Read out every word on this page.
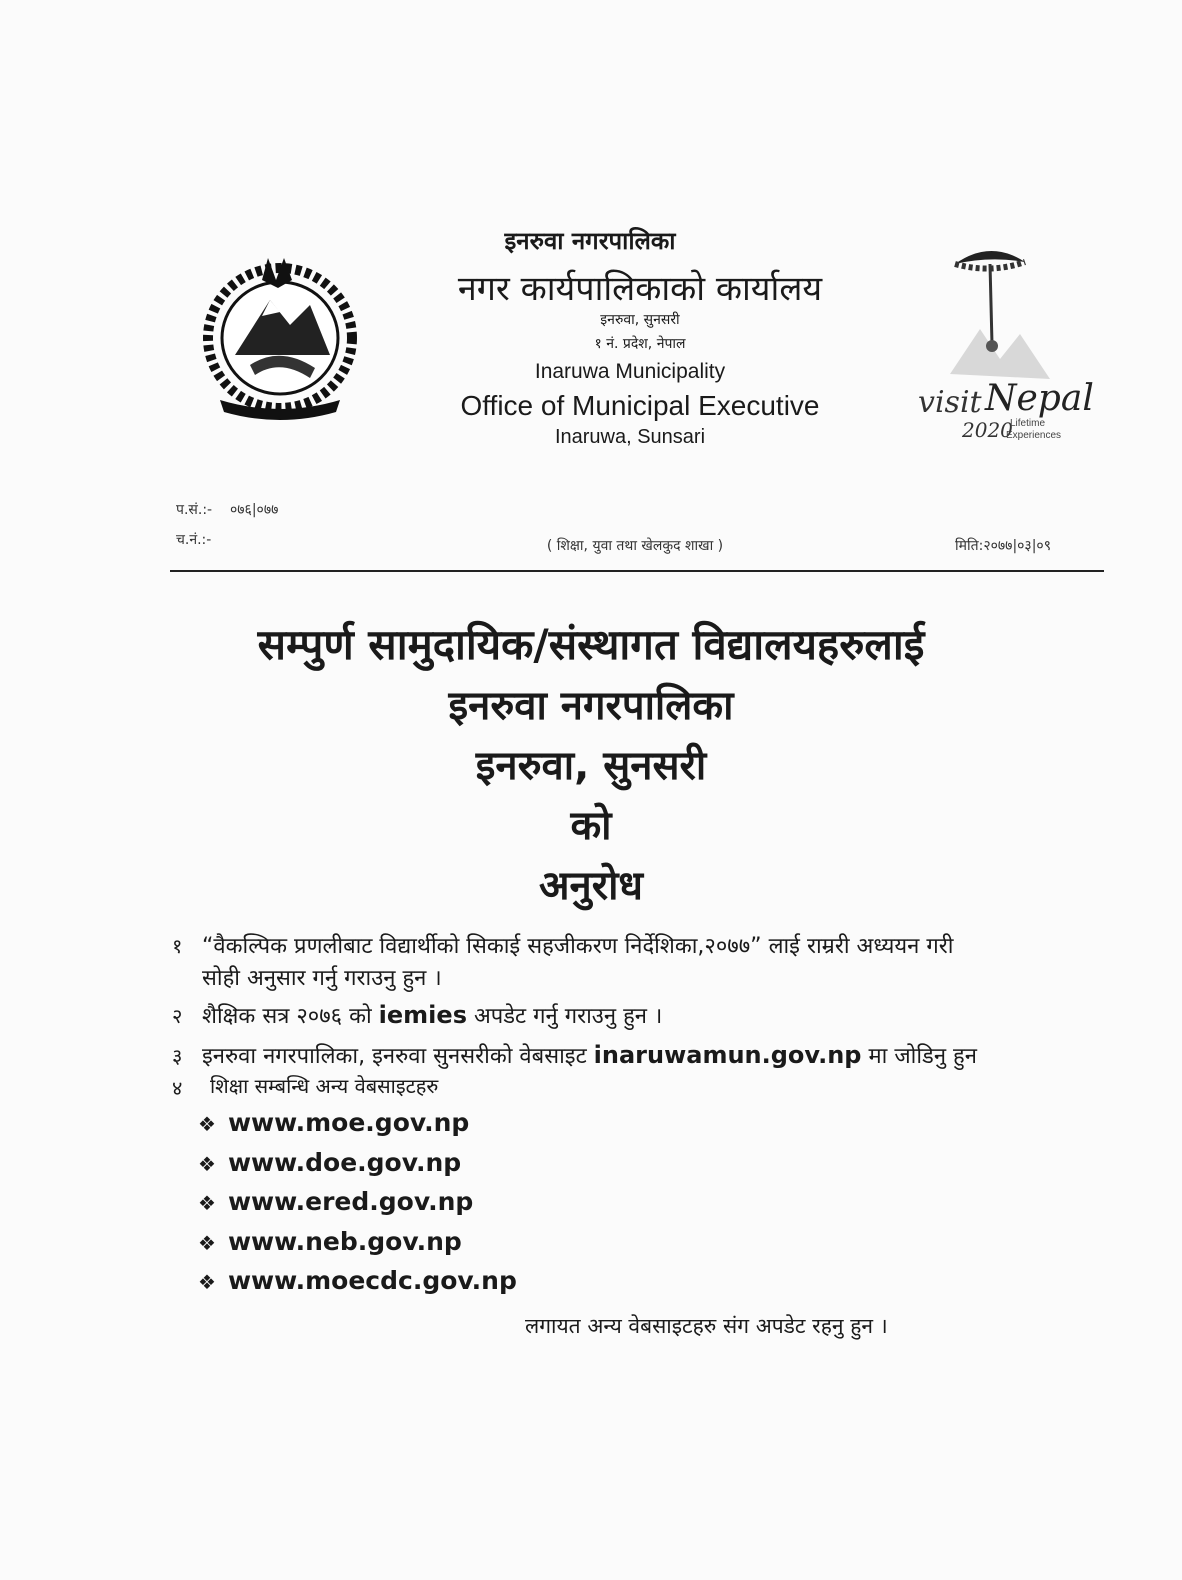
इनरुवा नगरपालिका
नगर कार्यपालिकाको कार्यालय
इनरुवा, सुनसरी
१ नं. प्रदेश, नेपाल
Inaruwa Municipality
Office of Municipal Executive
Inaruwa, Sunsari
visit Nepal
2020
Lifetime
Experiences
प.सं.:- ०७६|०७७
च.नं.:-	( शिक्षा, युवा तथा खेलकुद शाखा )	मिति:२०७७|०३|०९
सम्पुर्ण सामुदायिक/संस्थागत विद्यालयहरुलाई
इनरुवा नगरपालिका
इनरुवा, सुनसरी
को
अनुरोध
१ “वैकल्पिक प्रणलीबाट विद्यार्थीको सिकाई सहजीकरण निर्देशिका,२०७७” लाई राम्ररी अध्ययन गरी
सोही अनुसार गर्नु गराउनु हुन ।
२ शैक्षिक सत्र २०७६ को iemies अपडेट गर्नु गराउनु हुन ।
३ इनरुवा नगरपालिका, इनरुवा सुनसरीको वेबसाइट inaruwamun.gov.np मा जोडिनु हुन
४ शिक्षा सम्बन्धि अन्य वेबसाइटहरु
❖ www.moe.gov.np
❖ www.doe.gov.np
❖ www.ered.gov.np
❖ www.neb.gov.np
❖ www.moecdc.gov.np
लगायत अन्य वेबसाइटहरु संग अपडेट रहनु हुन ।
